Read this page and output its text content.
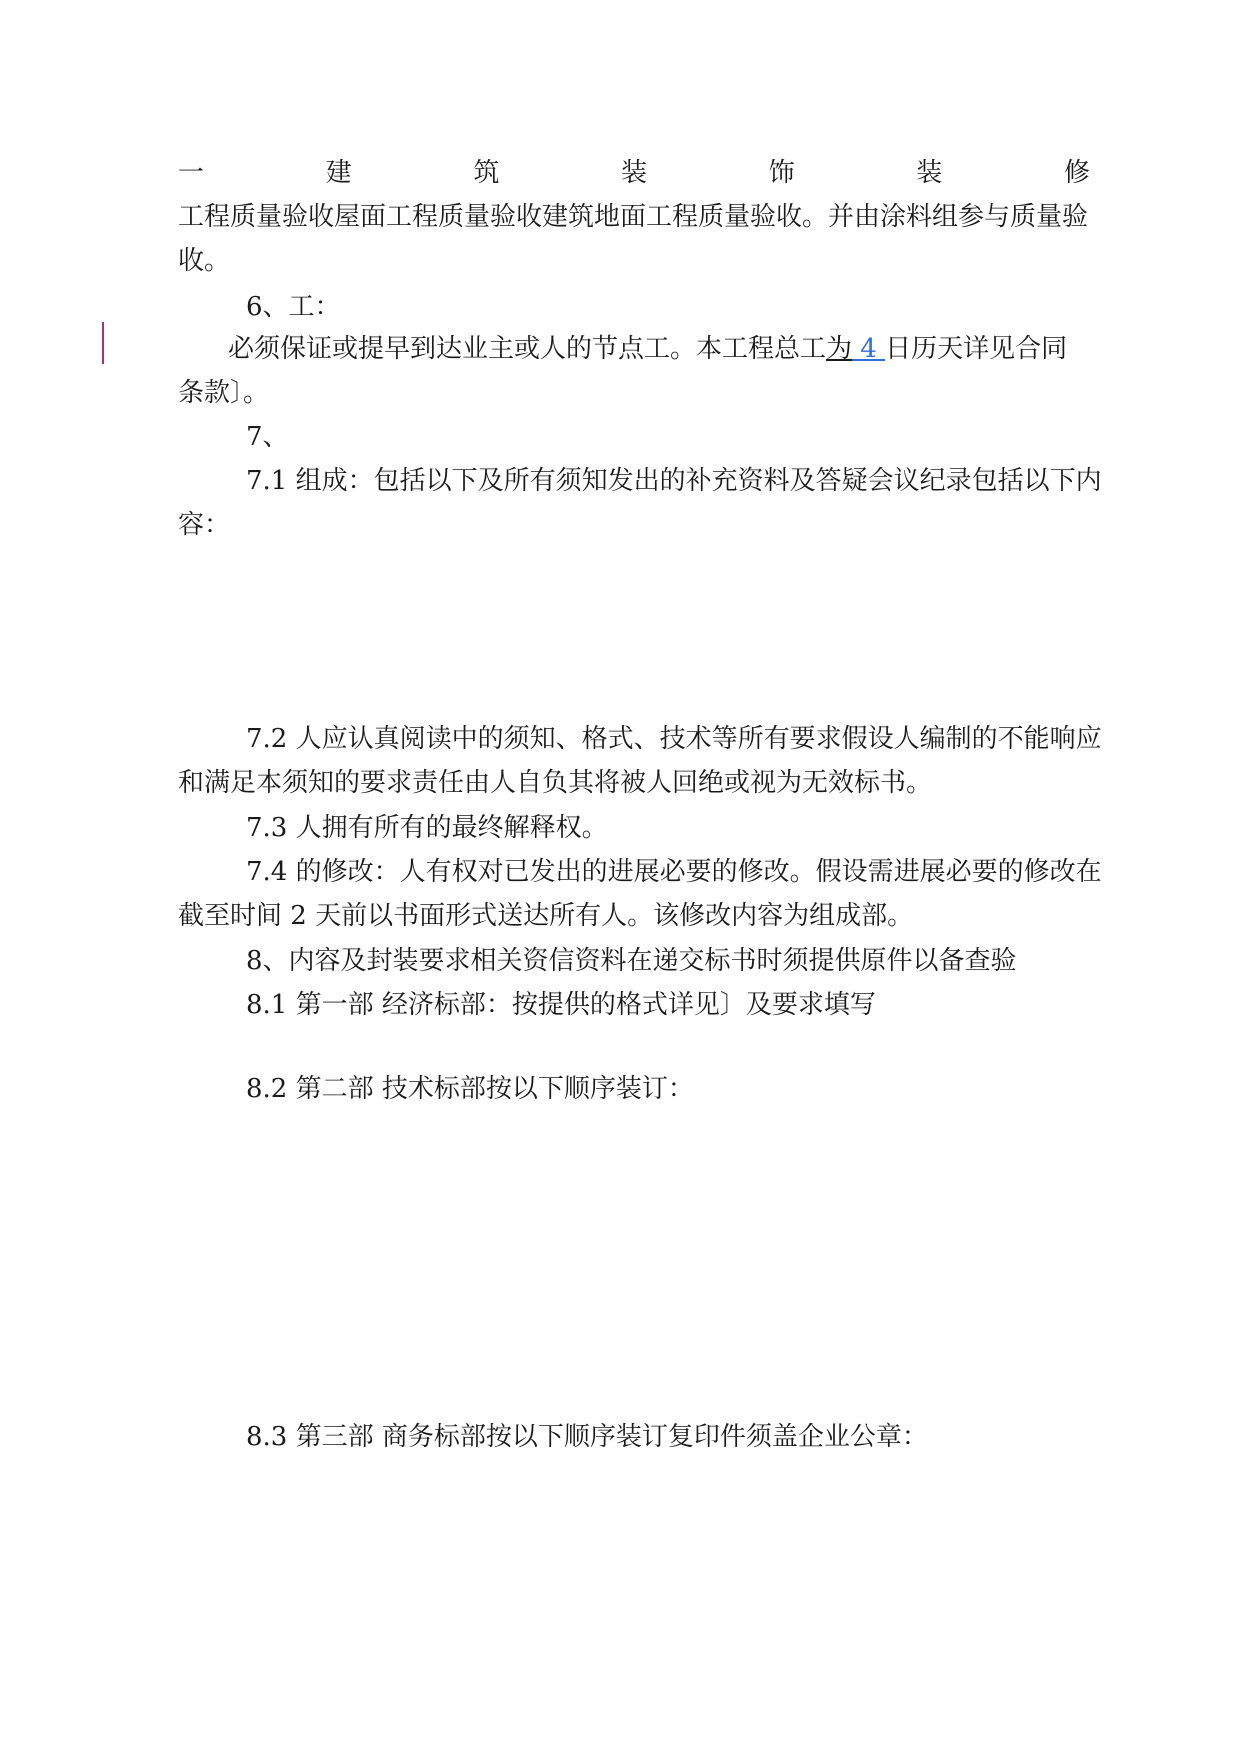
一	建	筑	装	饰	装	修
工程质量验收屋面工程质量验收建筑地面工程质量验收。并由涂料组参与质量验
收。
6、工：
必须保证或提早到达业主或人的节点工。本工程总工为 4 日历天详见合同
条款〕。
7、
7.1 组成：包括以下及所有须知发出的补充资料及答疑会议纪录包括以下内
容：
7.2 人应认真阅读中的须知、格式、技术等所有要求假设人编制的不能响应
和满足本须知的要求责任由人自负其将被人回绝或视为无效标书。
7.3 人拥有所有的最终解释权。
7.4 的修改：人有权对已发出的进展必要的修改。假设需进展必要的修改在
截至时间 2 天前以书面形式送达所有人。该修改内容为组成部。
8、内容及封装要求相关资信资料在递交标书时须提供原件以备查验
8.1 第一部 经济标部：按提供的格式详见〕及要求填写
8.2 第二部 技术标部按以下顺序装订：
8.3 第三部 商务标部按以下顺序装订复印件须盖企业公章：
